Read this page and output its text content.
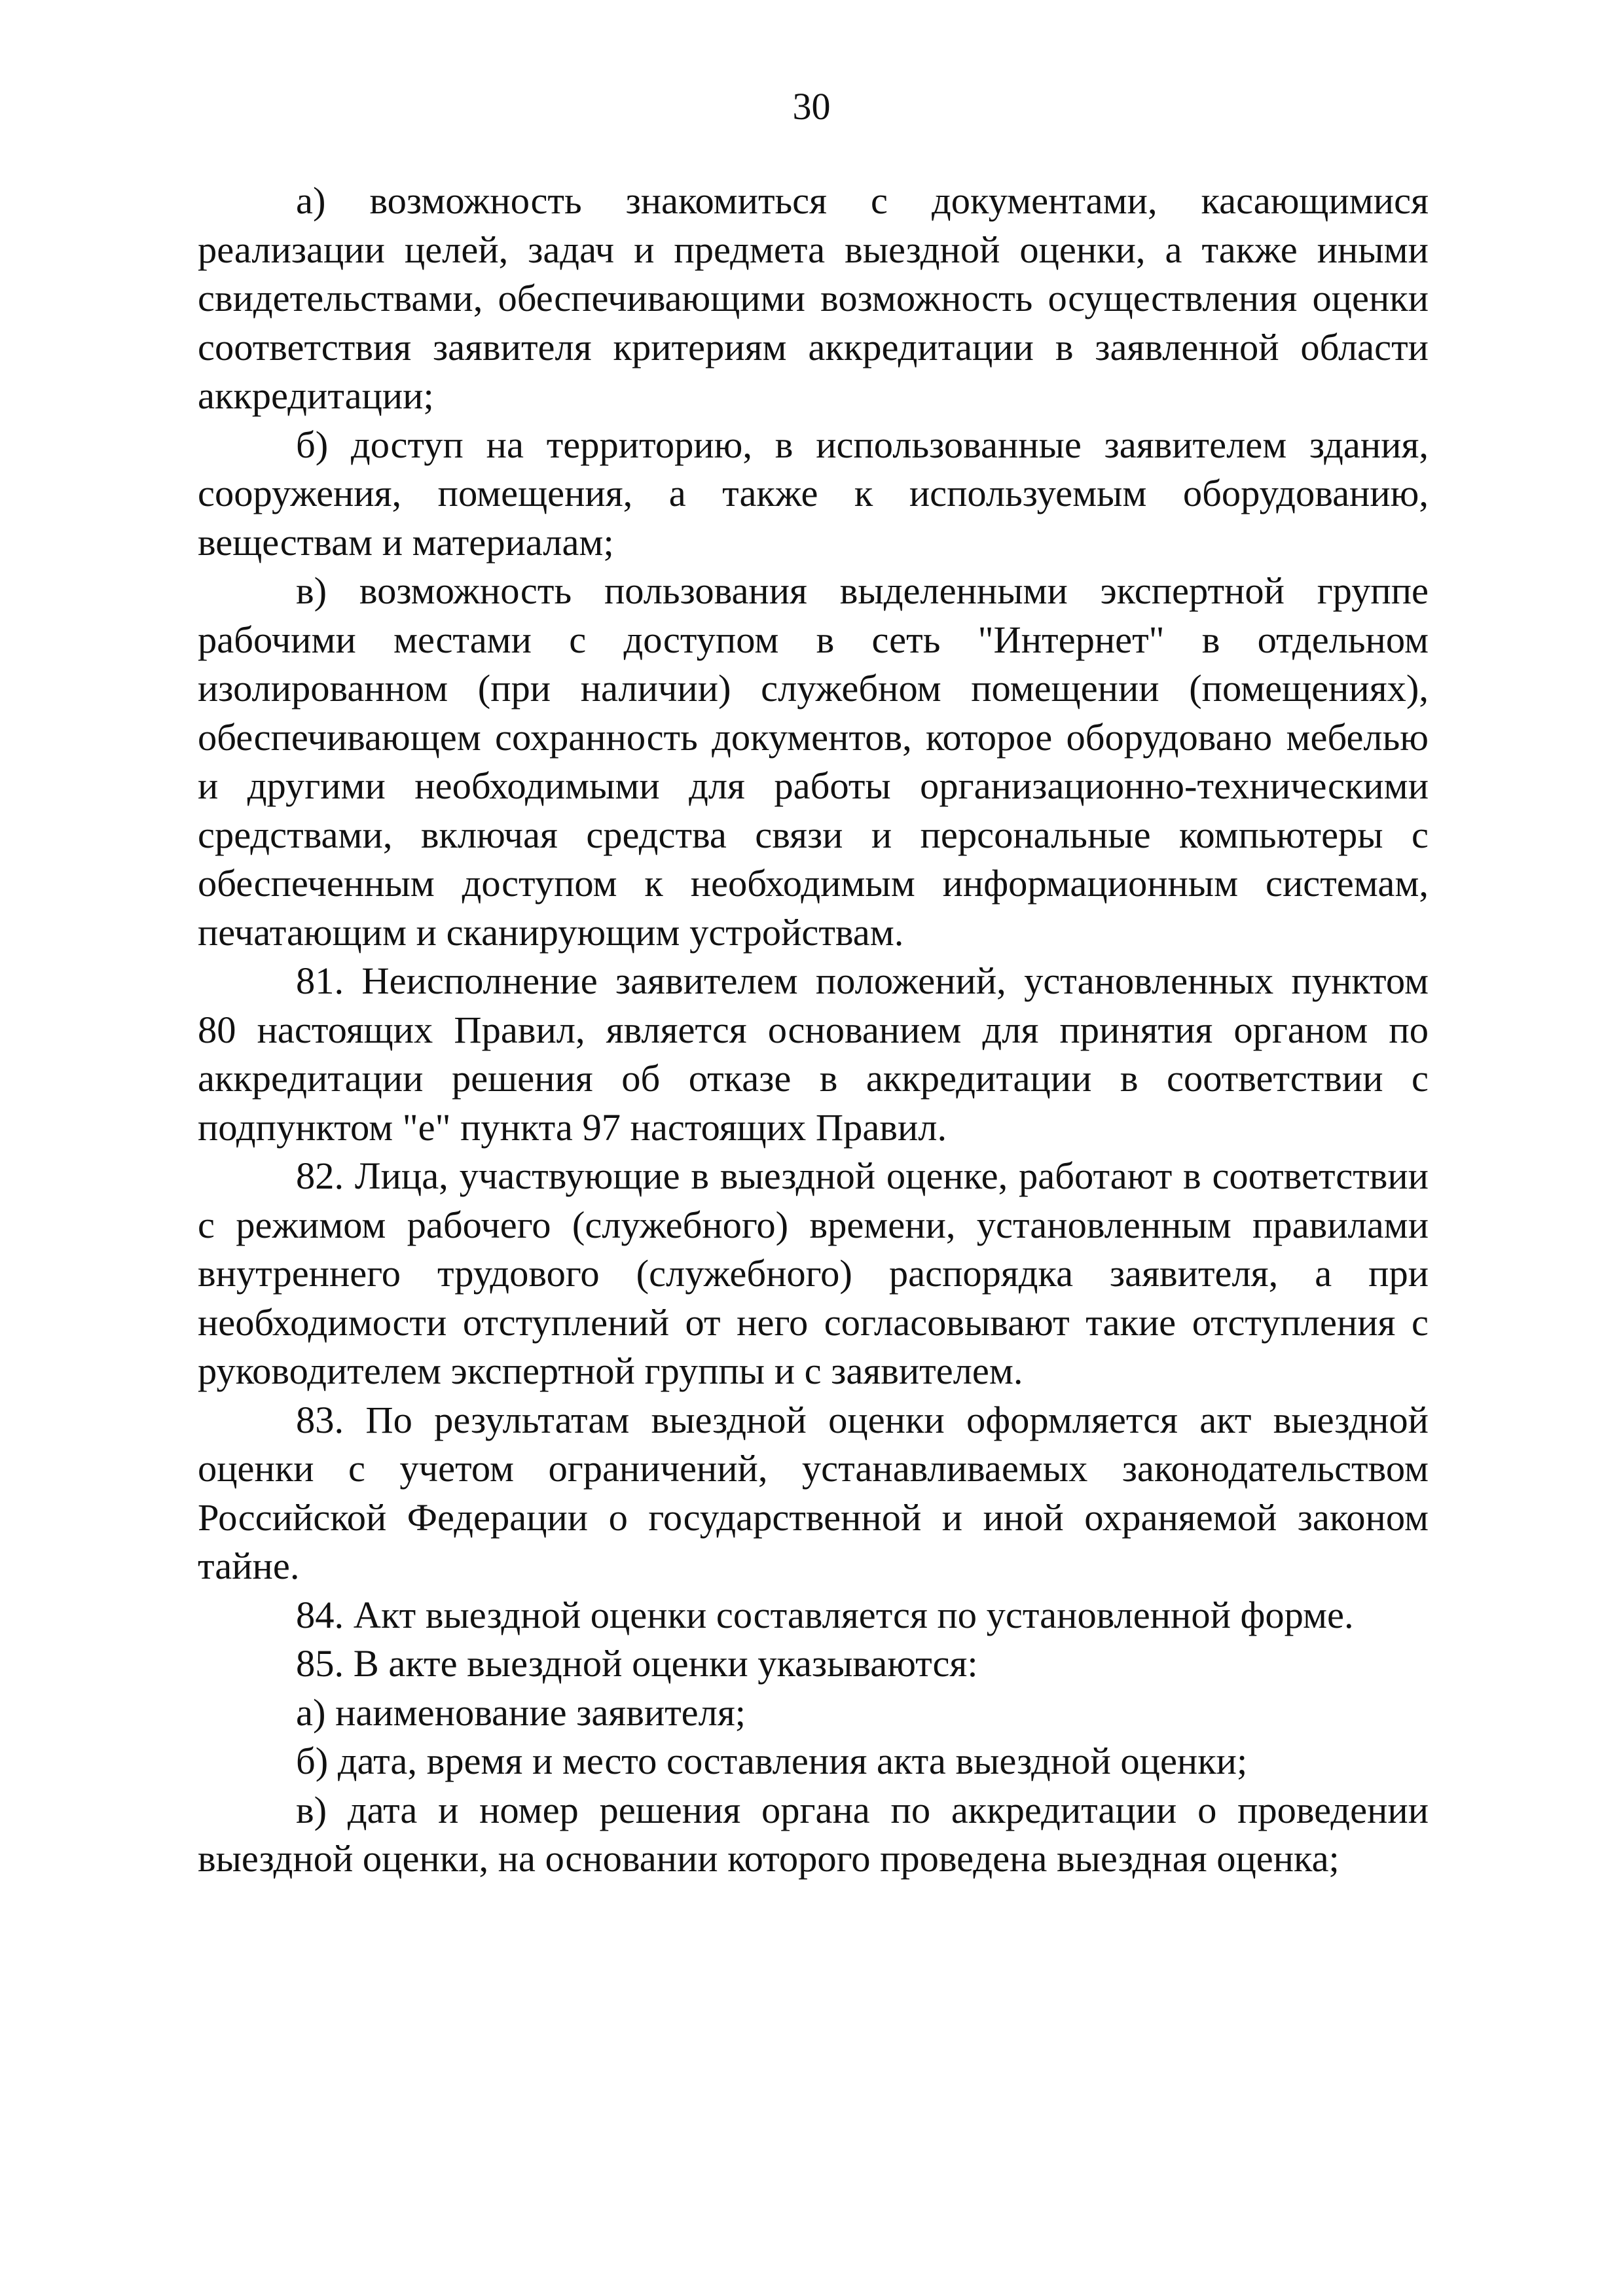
30

а) возможность знакомиться с документами, касающимися реализации целей, задач и предмета выездной оценки, а также иными свидетельствами, обеспечивающими возможность осуществления оценки соответствия заявителя критериям аккредитации в заявленной области аккредитации;

б) доступ на территорию, в использованные заявителем здания, сооружения, помещения, а также к используемым оборудованию, веществам и материалам;

в) возможность пользования выделенными экспертной группе рабочими местами с доступом в сеть "Интернет" в отдельном изолированном (при наличии) служебном помещении (помещениях), обеспечивающем сохранность документов, которое оборудовано мебелью и другими необходимыми для работы организационно-техническими средствами, включая средства связи и персональные компьютеры с обеспеченным доступом к необходимым информационным системам, печатающим и сканирующим устройствам.

81. Неисполнение заявителем положений, установленных пунктом 80 настоящих Правил, является основанием для принятия органом по аккредитации решения об отказе в аккредитации в соответствии с подпунктом "е" пункта 97 настоящих Правил.

82. Лица, участвующие в выездной оценке, работают в соответствии с режимом рабочего (служебного) времени, установленным правилами внутреннего трудового (служебного) распорядка заявителя, а при необходимости отступлений от него согласовывают такие отступления с руководителем экспертной группы и с заявителем.

83. По результатам выездной оценки оформляется акт выездной оценки с учетом ограничений, устанавливаемых законодательством Российской Федерации о государственной и иной охраняемой законом тайне.

84. Акт выездной оценки составляется по установленной форме.

85. В акте выездной оценки указываются:

а) наименование заявителя;

б) дата, время и место составления акта выездной оценки;

в) дата и номер решения органа по аккредитации о проведении выездной оценки, на основании которого проведена выездная оценка;
